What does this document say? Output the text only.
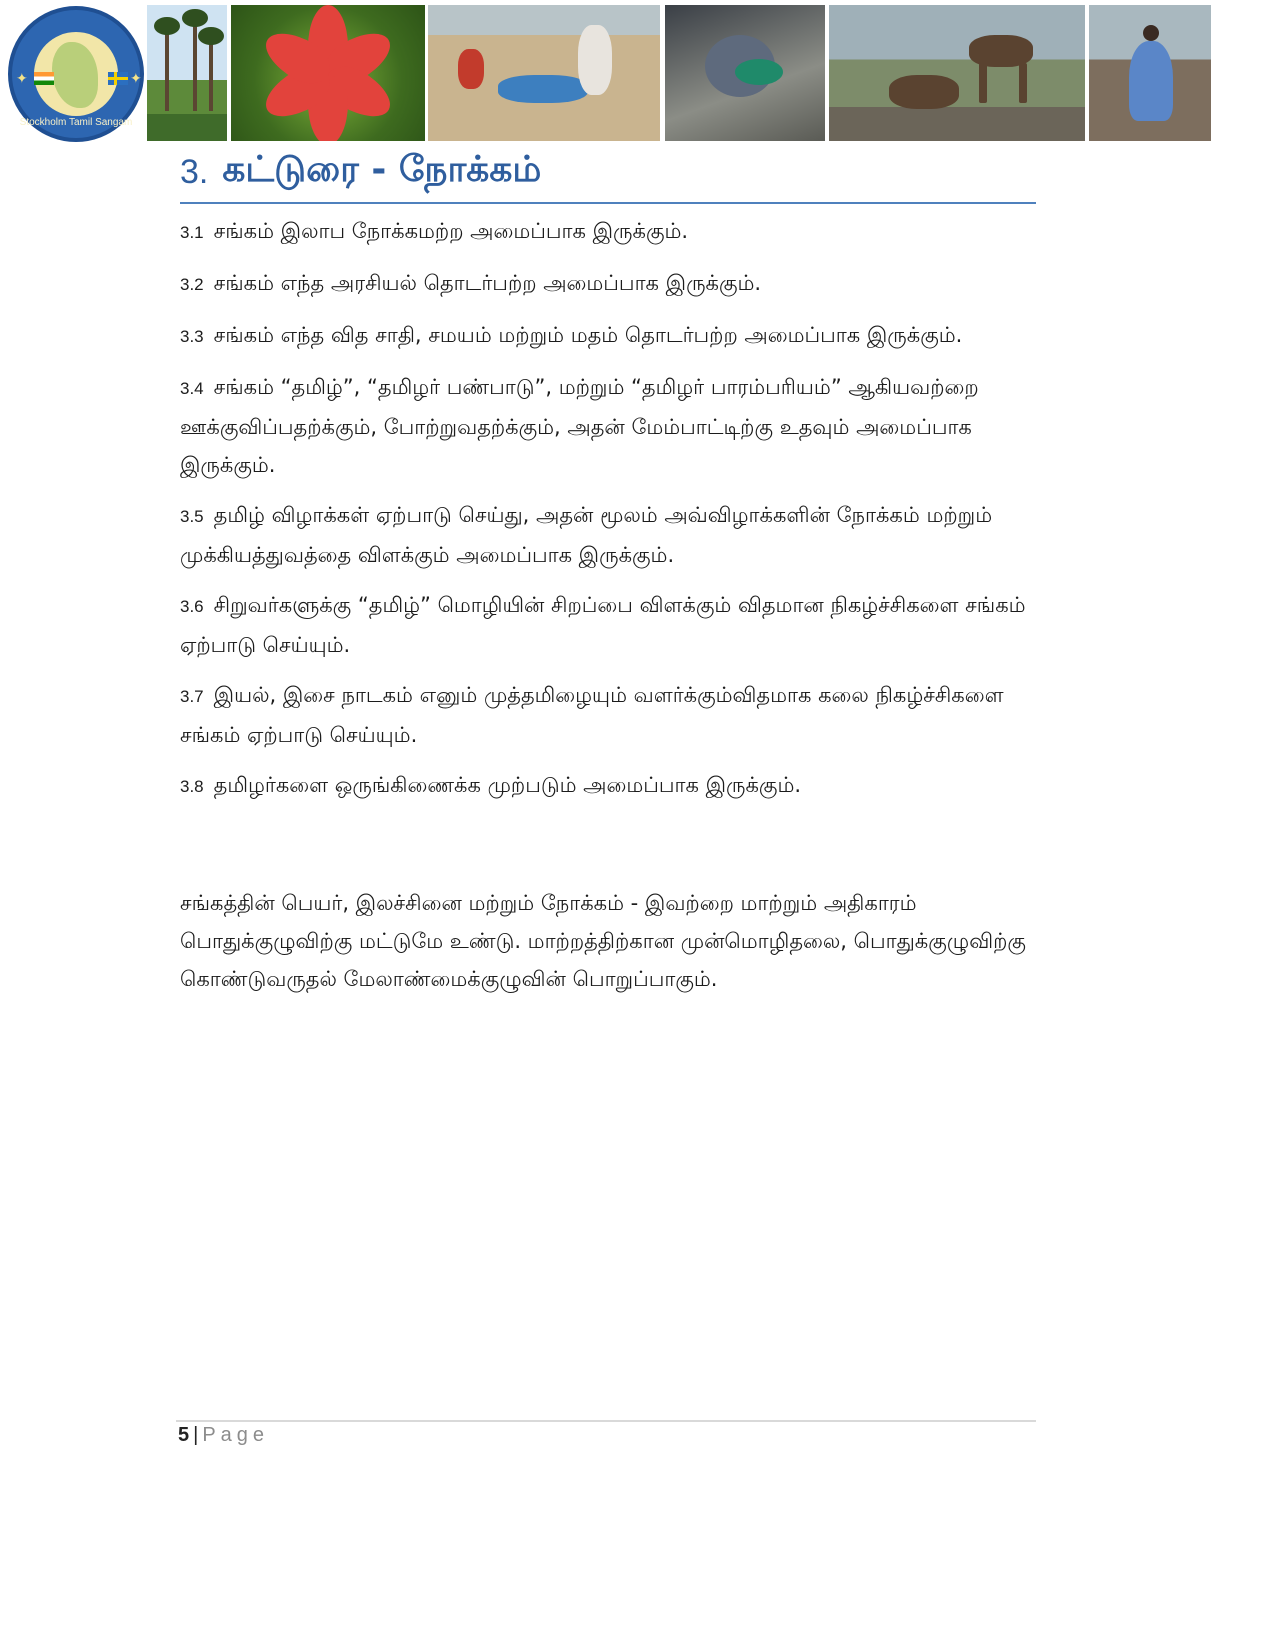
✦	✦
Stockholm Tamil Sangam
3. கட்டுரை - நோக்கம்

3.1 சங்கம் இலாப நோக்கமற்ற அமைப்பாக இருக்கும்.

3.2 சங்கம் எந்த அரசியல் தொடர்பற்ற அமைப்பாக இருக்கும்.

3.3 சங்கம் எந்த வித சாதி, சமயம் மற்றும் மதம் தொடர்பற்ற அமைப்பாக இருக்கும்.

3.4 சங்கம் “தமிழ்”, “தமிழர் பண்பாடு”, மற்றும் “தமிழர் பாரம்பரியம்” ஆகியவற்றை ஊக்குவிப்பதற்க்கும், போற்றுவதற்க்கும், அதன் மேம்பாட்டிற்கு உதவும் அமைப்பாக இருக்கும்.

3.5 தமிழ் விழாக்கள் ஏற்பாடு செய்து, அதன் மூலம் அவ்விழாக்களின் நோக்கம் மற்றும் முக்கியத்துவத்தை விளக்கும் அமைப்பாக இருக்கும்.

3.6 சிறுவர்களுக்கு “தமிழ்” மொழியின் சிறப்பை விளக்கும் விதமான நிகழ்ச்சிகளை சங்கம் ஏற்பாடு செய்யும்.

3.7 இயல், இசை நாடகம் எனும் முத்தமிழையும் வளர்க்கும்விதமாக கலை நிகழ்ச்சிகளை சங்கம் ஏற்பாடு செய்யும்.

3.8 தமிழர்களை ஒருங்கிணைக்க முற்படும் அமைப்பாக இருக்கும்.

சங்கத்தின் பெயர், இலச்சினை மற்றும் நோக்கம் - இவற்றை மாற்றும் அதிகாரம் பொதுக்குழுவிற்கு மட்டுமே உண்டு. மாற்றத்திற்கான முன்மொழிதலை, பொதுக்குழுவிற்கு கொண்டுவருதல் மேலாண்மைக்குழுவின் பொறுப்பாகும்.
5 | Page
